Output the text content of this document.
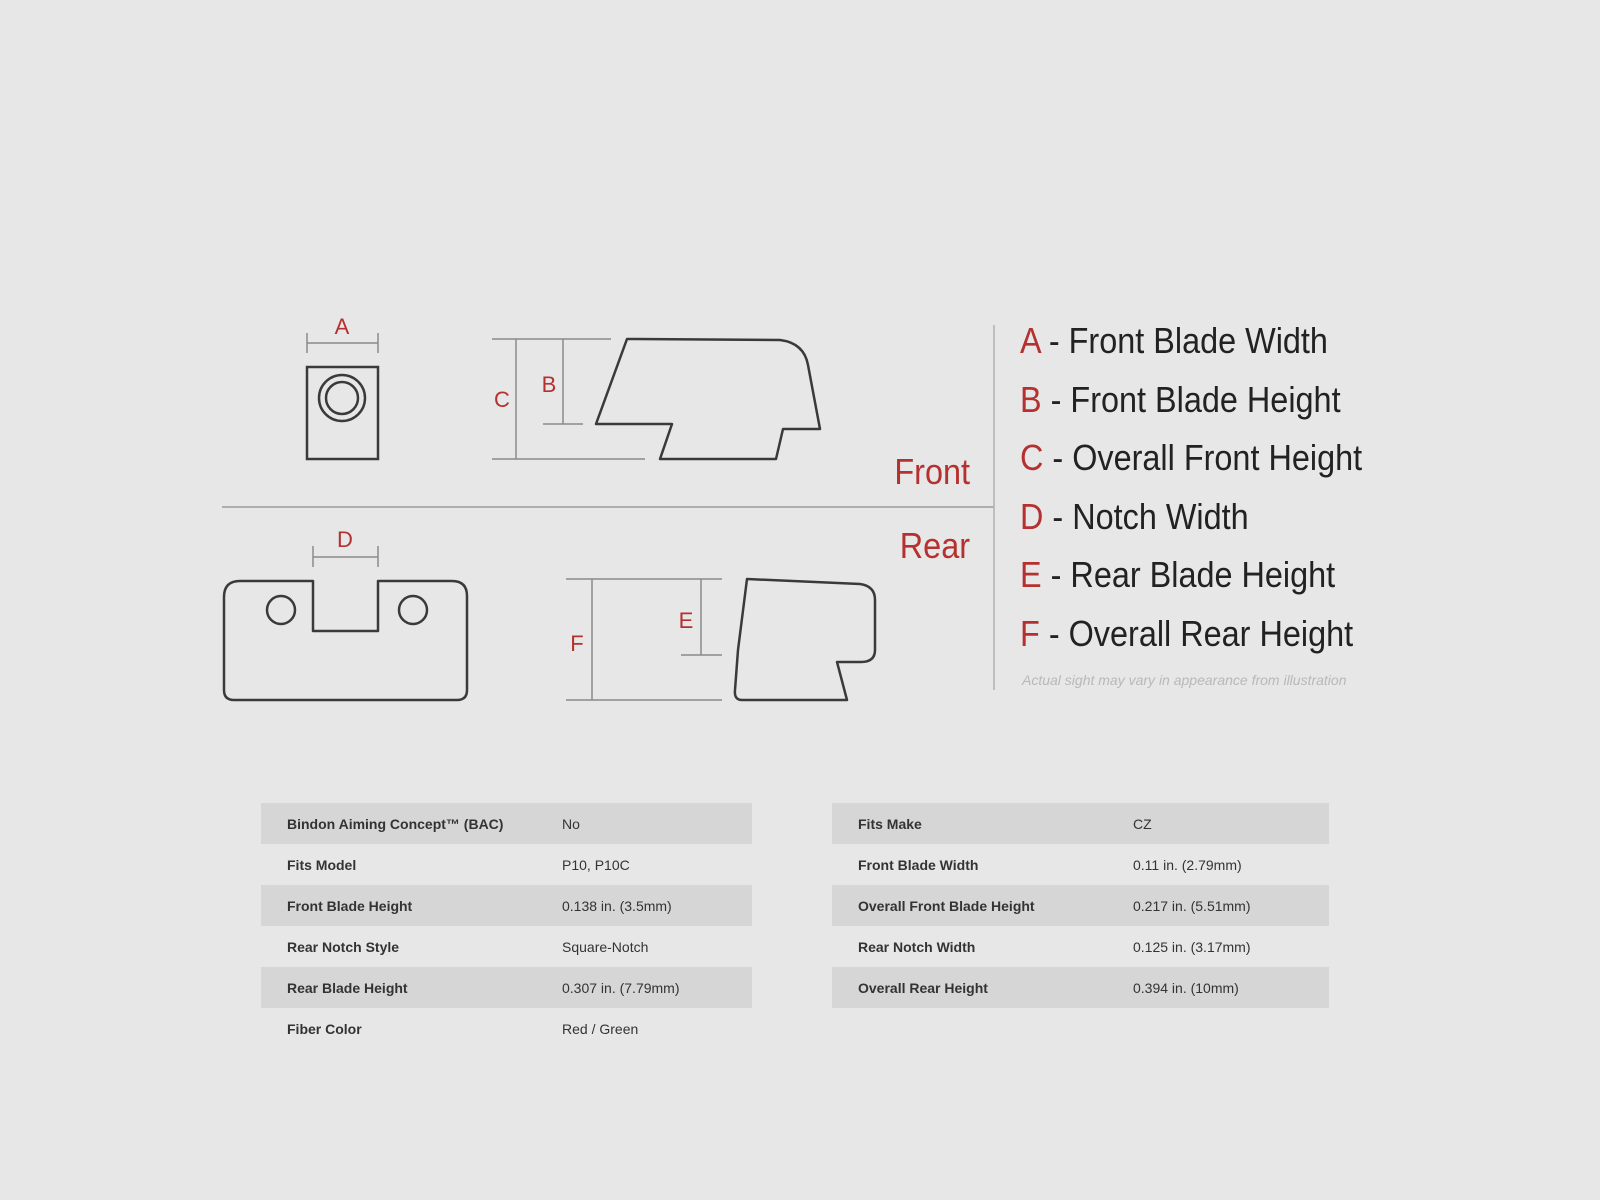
A
B
C
Front
Rear
D
E
F
A - Front Blade Width
B - Front Blade Height
C - Overall Front Height
D - Notch Width
E - Rear Blade Height
F - Overall Rear Height
Actual sight may vary in appearance from illustration
Bindon Aiming Concept™ (BAC)	No
Fits Model	P10, P10C
Front Blade Height	0.138 in. (3.5mm)
Rear Notch Style	Square-Notch
Rear Blade Height	0.307 in. (7.79mm)
Fiber Color	Red / Green
Fits Make	CZ
Front Blade Width	0.11 in. (2.79mm)
Overall Front Blade Height	0.217 in. (5.51mm)
Rear Notch Width	0.125 in. (3.17mm)
Overall Rear Height	0.394 in. (10mm)
